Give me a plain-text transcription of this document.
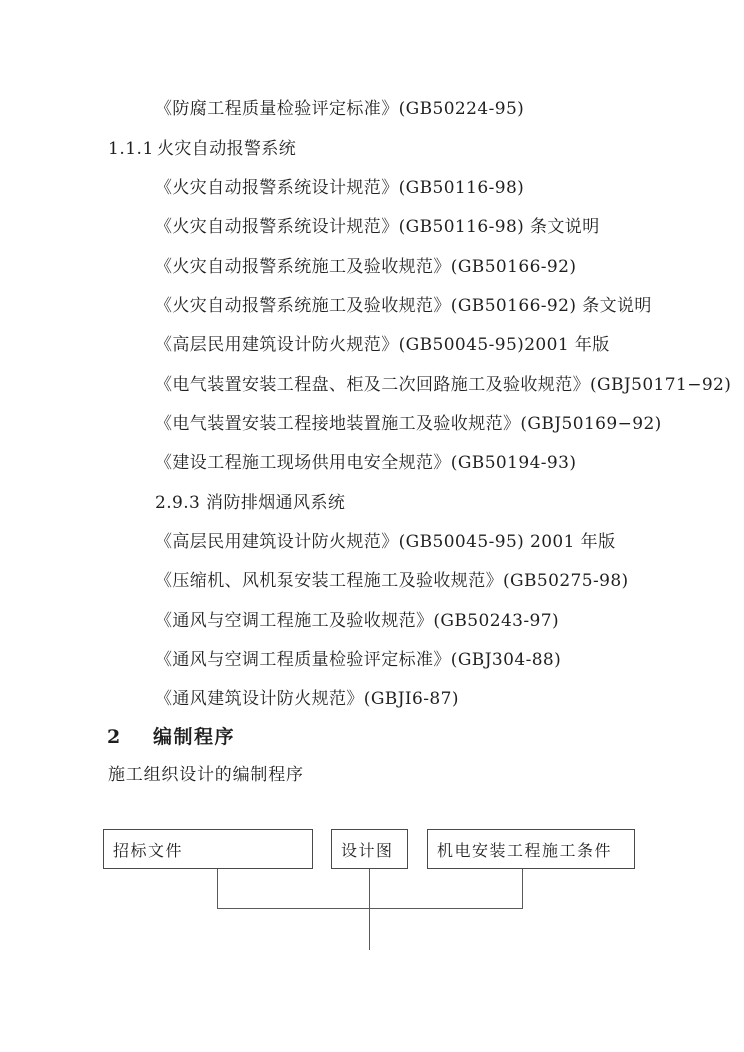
《防腐工程质量检验评定标准》(GB50224-95)
1.1.1 火灾自动报警系统
《火灾自动报警系统设计规范》(GB50116-98)
《火灾自动报警系统设计规范》(GB50116-98) 条文说明
《火灾自动报警系统施工及验收规范》(GB50166-92)
《火灾自动报警系统施工及验收规范》(GB50166-92) 条文说明
《高层民用建筑设计防火规范》(GB50045-95)2001 年版
《电气装置安装工程盘、柜及二次回路施工及验收规范》(GBJ50171−92)
《电气装置安装工程接地装置施工及验收规范》(GBJ50169−92)
《建设工程施工现场供用电安全规范》(GB50194-93)
2.9.3 消防排烟通风系统
《高层民用建筑设计防火规范》(GB50045-95) 2001 年版
《压缩机、风机泵安装工程施工及验收规范》(GB50275-98)
《通风与空调工程施工及验收规范》(GB50243-97)
《通风与空调工程质量检验评定标准》(GBJ304-88)
《通风建筑设计防火规范》(GBJI6-87)
2 编制程序
施工组织设计的编制程序
招标文件	设计图	机电安装工程施工条件
